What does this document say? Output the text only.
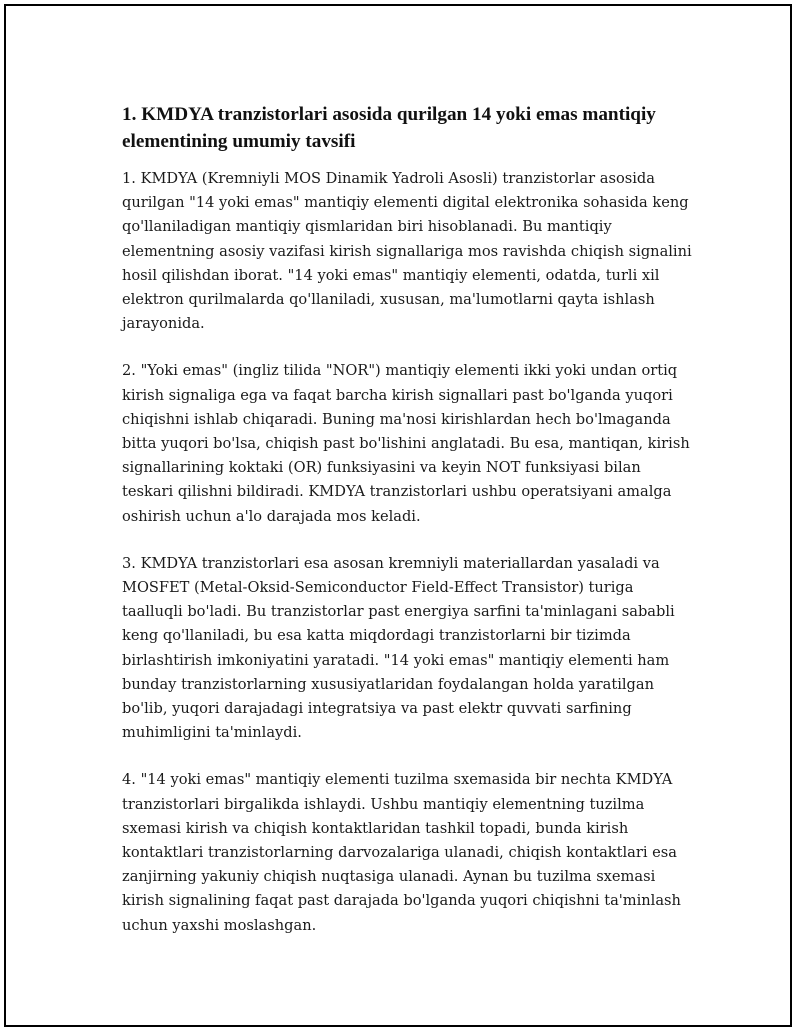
1. KMDYA tranzistorlari asosida qurilgan 14 yoki emas mantiqiy elementining umumiy tavsifi

1. KMDYA (Kremniyli MOS Dinamik Yadroli Asosli) tranzistorlar asosida qurilgan "14 yoki emas" mantiqiy elementi digital elektronika sohasida keng qo'llaniladigan mantiqiy qismlaridan biri hisoblanadi. Bu mantiqiy elementning asosiy vazifasi kirish signallariga mos ravishda chiqish signalini hosil qilishdan iborat. "14 yoki emas" mantiqiy elementi, odatda, turli xil elektron qurilmalarda qo'llaniladi, xususan, ma'lumotlarni qayta ishlash jarayonida.

2. "Yoki emas" (ingliz tilida "NOR") mantiqiy elementi ikki yoki undan ortiq kirish signaliga ega va faqat barcha kirish signallari past bo'lganda yuqori chiqishni ishlab chiqaradi. Buning ma'nosi kirishlardan hech bo'lmaganda bitta yuqori bo'lsa, chiqish past bo'lishini anglatadi. Bu esa, mantiqan, kirish signallarining koktaki (OR) funksiyasini va keyin NOT funksiyasi bilan teskari qilishni bildiradi. KMDYA tranzistorlari ushbu operatsiyani amalga oshirish uchun a'lo darajada mos keladi.

3. KMDYA tranzistorlari esa asosan kremniyli materiallardan yasaladi va MOSFET (Metal-Oksid-Semiconductor Field-Effect Transistor) turiga taalluqli bo'ladi. Bu tranzistorlar past energiya sarfini ta'minlagani sababli keng qo'llaniladi, bu esa katta miqdordagi tranzistorlarni bir tizimda birlashtirish imkoniyatini yaratadi. "14 yoki emas" mantiqiy elementi ham bunday tranzistorlarning xususiyatlaridan foydalangan holda yaratilgan bo'lib, yuqori darajadagi integratsiya va past elektr quvvati sarfining muhimligini ta'minlaydi.

4. "14 yoki emas" mantiqiy elementi tuzilma sxemasida bir nechta KMDYA tranzistorlari birgalikda ishlaydi. Ushbu mantiqiy elementning tuzilma sxemasi kirish va chiqish kontaktlaridan tashkil topadi, bunda kirish kontaktlari tranzistorlarning darvozalariga ulanadi, chiqish kontaktlari esa zanjirning yakuniy chiqish nuqtasiga ulanadi. Aynan bu tuzilma sxemasi kirish signalining faqat past darajada bo'lganda yuqori chiqishni ta'minlash uchun yaxshi moslashgan.
